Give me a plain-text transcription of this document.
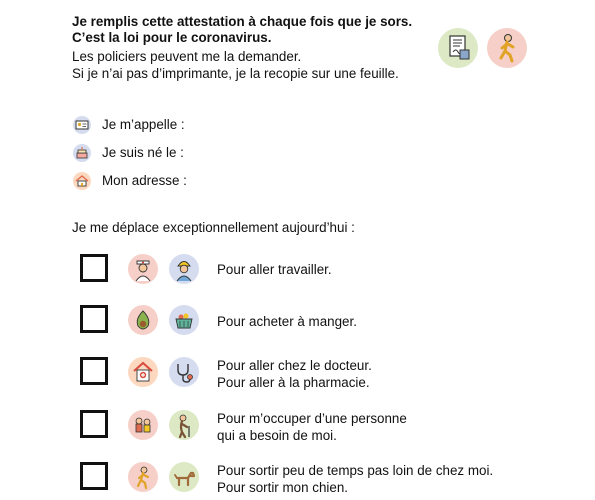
Je remplis cette attestation à chaque fois que je sors.
C’est la loi pour le coronavirus.
Les policiers peuvent me la demander.
Si je n’ai pas d’imprimante, je la recopie sur une feuille.
Je m’appelle :
Je suis né le :
Mon adresse :
Je me déplace exceptionnellement aujourd’hui :
Pour aller travailler.
Pour acheter à manger.
Pour aller chez le docteur.
Pour aller à la pharmacie.
Pour m’occuper d’une personne
qui a besoin de moi.
Pour sortir peu de temps pas loin de chez moi.
Pour sortir mon chien.
